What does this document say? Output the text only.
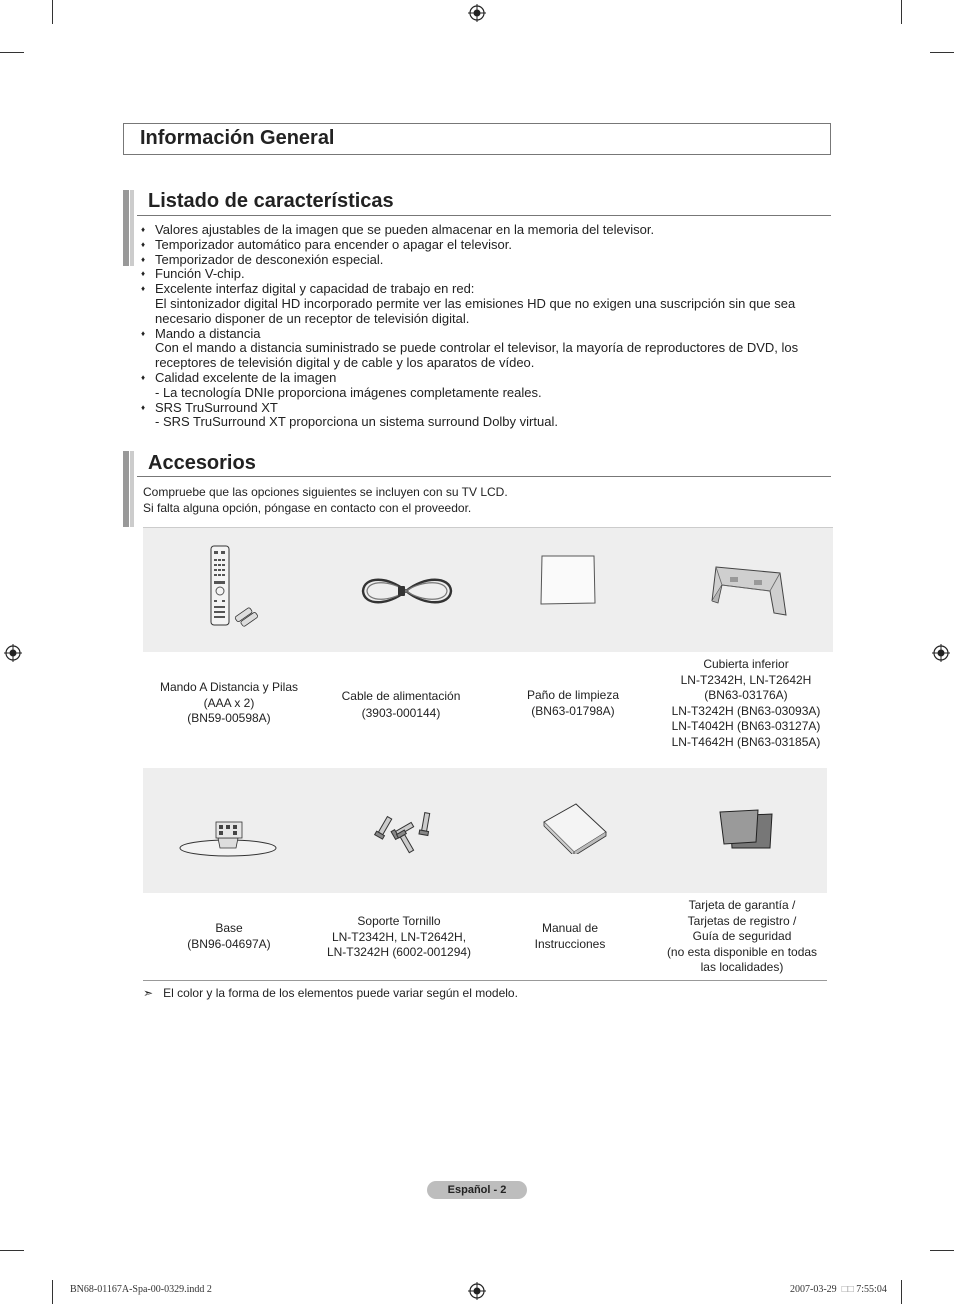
Información General
Listado de características
♦ Valores ajustables de la imagen que se pueden almacenar en la memoria del televisor.
♦ Temporizador automático para encender o apagar el televisor.
♦ Temporizador de desconexión especial.
♦ Función V-chip.
♦ Excelente interfaz digital y capacidad de trabajo en red:
El sintonizador digital HD incorporado permite ver las emisiones HD que no exigen una suscripción sin que sea necesario disponer de un receptor de televisión digital.
♦ Mando a distancia
Con el mando a distancia suministrado se puede controlar el televisor, la mayoría de reproductores de DVD, los receptores de televisión digital y de cable y los aparatos de vídeo.
♦ Calidad excelente de la imagen
- La tecnología DNIe proporciona imágenes completamente reales.
♦ SRS TruSurround XT
- SRS TruSurround XT proporciona un sistema surround Dolby virtual.
Accesorios
Compruebe que las opciones siguientes se incluyen con su TV LCD.
Si falta alguna opción, póngase en contacto con el proveedor.
Mando A Distancia y Pilas
(AAA x 2)
(BN59-00598A)
Cable de alimentación
(3903-000144)
Paño de limpieza
(BN63-01798A)
Cubierta inferior
LN-T2342H, LN-T2642H
(BN63-03176A)
LN-T3242H (BN63-03093A)
LN-T4042H (BN63-03127A)
LN-T4642H (BN63-03185A)
Base
(BN96-04697A)
Soporte Tornillo
LN-T2342H, LN-T2642H,
LN-T3242H (6002-001294)
Manual de
Instrucciones
Tarjeta de garantía /
Tarjetas de registro /
Guía de seguridad
(no esta disponible en todas
las localidades)
➣ El color y la forma de los elementos puede variar según el modelo.
Español - 2
BN68-01167A-Spa-00-0329.indd 2	2007-03-29 □□ 7:55:04
